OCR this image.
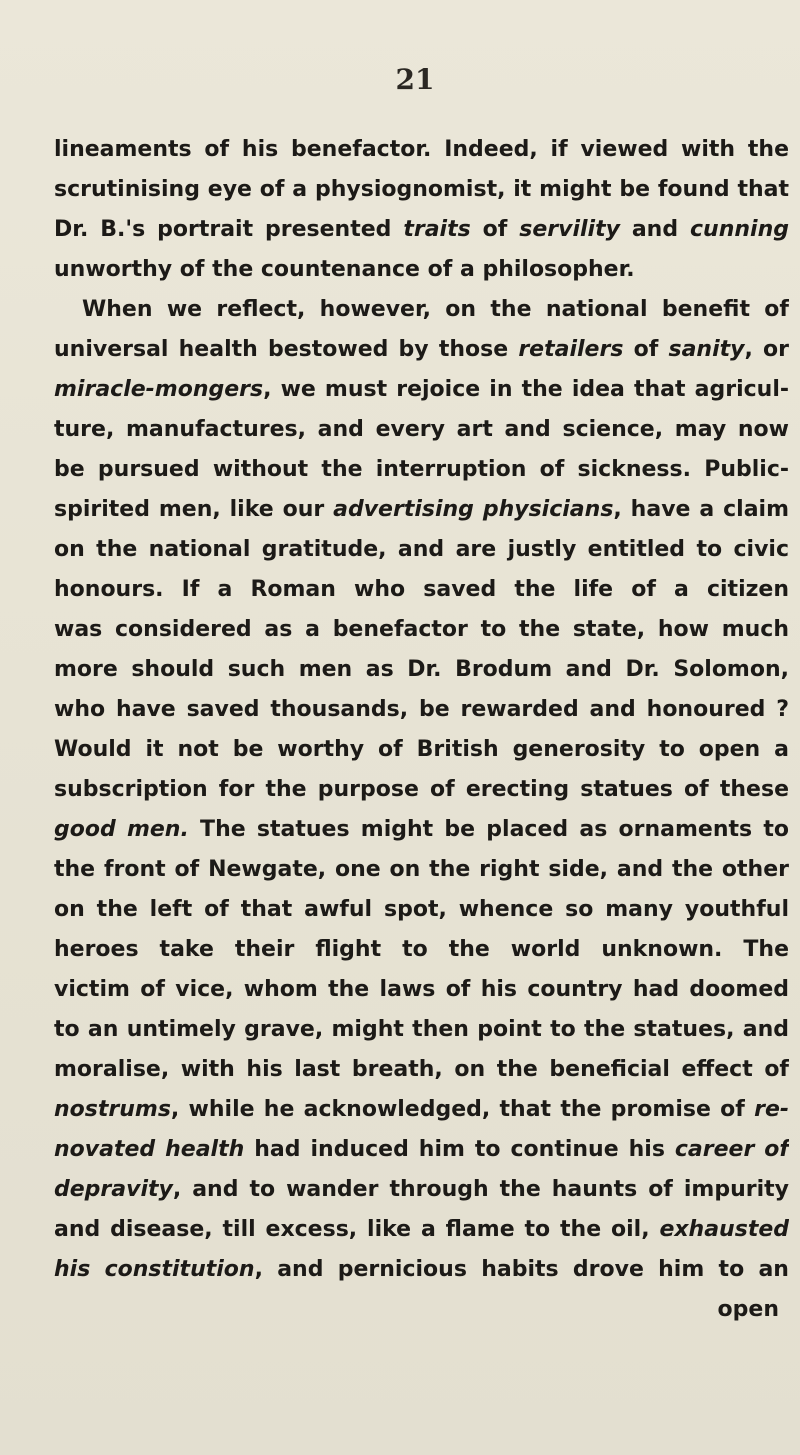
21
lineaments of his benefactor. Indeed, if viewed with the
scrutinising eye of a physiognomist, it might be found that
Dr. B.'s portrait presented traits of servility and cunning
unworthy of the countenance of a philosopher.
When we reflect, however, on the national benefit of
universal health bestowed by those retailers of sanity, or
miracle-mongers, we must rejoice in the idea that agricul-
ture, manufactures, and every art and science, may now
be pursued without the interruption of sickness. Public-
spirited men, like our advertising physicians, have a claim
on the national gratitude, and are justly entitled to civic
honours. If a Roman who saved the life of a citizen
was considered as a benefactor to the state, how much
more should such men as Dr. Brodum and Dr. Solomon,
who have saved thousands, be rewarded and honoured ?
Would it not be worthy of British generosity to open a
subscription for the purpose of erecting statues of these
good men. The statues might be placed as ornaments to
the front of Newgate, one on the right side, and the other
on the left of that awful spot, whence so many youthful
heroes take their flight to the world unknown. The
victim of vice, whom the laws of his country had doomed
to an untimely grave, might then point to the statues, and
moralise, with his last breath, on the beneficial effect of
nostrums, while he acknowledged, that the promise of re-
novated health had induced him to continue his career of
depravity, and to wander through the haunts of impurity
and disease, till excess, like a flame to the oil, exhausted
his constitution, and pernicious habits drove him to an
open
